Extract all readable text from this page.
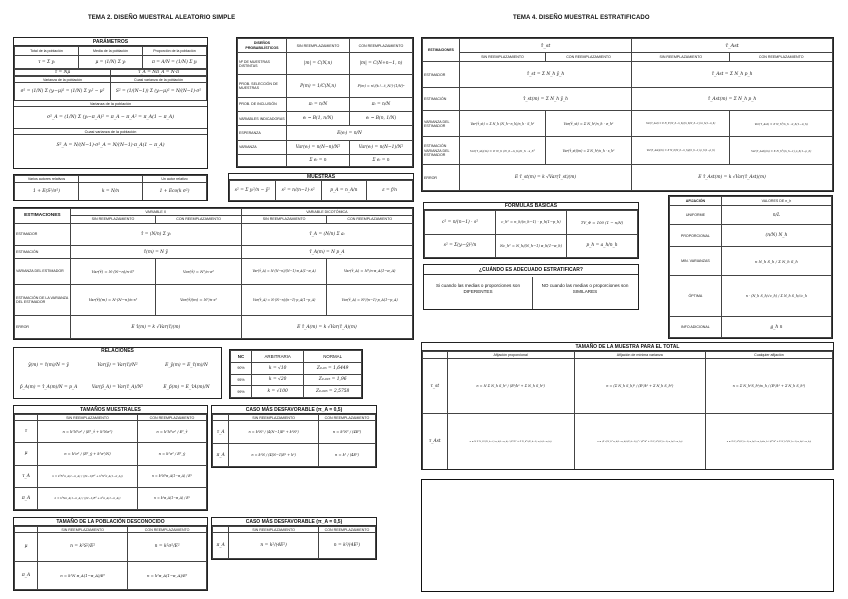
TEMA 2. DISEÑO MUESTRAL ALEATORIO SIMPLE	TEMA 4. DISEÑO MUESTRAL ESTRATIFICADO
PARÁMETROS
Total de la población	Media de la población	Proporción de la población
τ = Σ yᵢ	μ = (1/N) Σ yᵢ	π = A/N = (1/N) Σ yᵢ
τ = Nμ	τ_A = Nπ_A = N·π
Varianza de la población	Cuasi varianza de la población
σ² = (1/N) Σ (yᵢ−μ)² = (1/N) Σ yᵢ² − μ²	S² = (1/(N−1)) Σ (yᵢ−μ)² = N/(N−1)·σ²
Varianza de la población
σ²_A = (1/N) Σ (yᵢ−π_A)² = π_A − π_A² = π_A(1 − π_A)
Cuasi varianza de la población
S²_A = N/(N−1)·σ²_A = N/(N−1)·π_A(1 − π_A)
Varios autores relativos		Un autor relativo
1 + E(S²/σ²)	k = N/n	1 + Eco(k σ²)
DISEÑOS PROBABILÍSTICOS	SIN REEMPLAZAMIENTO	CON REEMPLAZAMIENTO
Nº DE MUESTRAS DISTINTAS	|m| = C(N,n)	|m| = C(N+n−1, n)
PROB. SELECCIÓN DE MUESTRAS	P(m) = 1/C(N,n)	P(m) = n!/(t₁!…t_N!)·(1/N)ⁿ
PROB. DE INCLUSIÓN	πᵢ = n/N	πᵢ = n/N
VARIABLES INDICADORAS	eᵢ ~ B(1, n/N)	eᵢ ~ B(n, 1/N)
ESPERANZA	E(eᵢ) = n/N	
VARIANZA	Var(eᵢ) = n(N−n)/N²	Var(eᵢ) = n(N−1)/N²
	Σ eᵢ = n	Σ eᵢ = n
MUESTRAS
s² = Σ yᵢ²/n − ȳ²	s² = n/(n−1)·s²	p_A = n_A/n	ε = f/n
ESTIMACIONES	VARIABLE X		VARIABLE DICOTÓMICA	
	SIN REEMPLAZAMIENTO	CON REEMPLAZAMIENTO	SIN REEMPLAZAMIENTO	CON REEMPLAZAMIENTO
ESTIMADOR	τ̂ = (N/n) Σ yᵢ		τ̂_A = (N/n) Σ aᵢ	
ESTIMACIÓN	τ̂(m) = N ȳ		τ̂_A(m) = N p_A	
VARIANZA DEL ESTIMADOR	Var(τ̂) = N·(N−n)/n·S²	Var(τ̂) = N²/n·σ²	Var(τ̂_A) = N·(N−n)/(N−1)·π_A(1−π_A)	Var(τ̂_A) = N²/n·π_A(1−π_A)
ESTIMACIÓN DE LA VARIANZA DEL ESTIMADOR	Var(τ̂)(m) = N·(N−n)/n·s²	Var(τ̂)(m) = N²/n·s²	Var(τ̂_A) = N·(N−n)/(n−1)·p_A(1−p_A)	Var(τ̂_A) = N²/(n−1)·p_A(1−p_A)
ERROR	E τ̂(m) = k √Var(τ̂)(m)		E τ̂_A(m) = k √Var(τ̂_A)(m)	
RELACIONES
ȳ(m) = τ̂(m)/N = ȳ	Var(ŷ) = Var(τ̂)/N²	E_ŷ(m) = E_τ̂(m)/N
p̂_A(m) = τ̂_A(m)/N = p_A	Var(p̂_A) = Var(τ̂_A)/N²	E_p̂(m) = E_τ̂A(m)/N
NC	ARBITRARIA	NORMAL
90%	k = √10	Z₀.₀₅ = 1,6449
95%	k = √20	Z₀.₀₂₅ = 1,96
99%	k = √100	Z₀.₀₀₅ = 2,5758
TAMAÑOS MUESTRALES
	SIN REEMPLAZAMIENTO	CON REEMPLAZAMIENTO
τ	n = k²N²σ² / (E²_τ̂ + k²Nσ²)	n = k²N²σ² / E²_τ̂
μ	n = k²σ² / (E²_ŷ + k²σ²/N)	n = k²σ² / E²_ŷ
τ_A	n = k²N³π_A(1−π_A) / ((N−1)E² + k²N²π_A(1−π_A))	n = k²N²π_A(1−π_A) / E²
π_A	n = k²Nπ_A(1−π_A) / ((N−1)E² + k²π_A(1−π_A))	n = k²π_A(1−π_A) / E²
CASO MÁS DESFAVORABLE (π_A = 0,5)
	SIN REEMPLAZAMIENTO	CON REEMPLAZAMIENTO
τ_A	n = k²N³ / (4(N−1)E² + k²N²)	n = k²N² / (4E²)
π_A	n = k²N / (4(N−1)E² + k²)	n = k² / (4E²)
TAMAÑO DE LA POBLACIÓN DESCONOCIDO
	SIN REEMPLAZAMIENTO	CON REEMPLAZAMIENTO
μ	n = k²S²/E²	n = k²σ²/E²
π_A	n = k²N π_A(1−π_A)/E²	n = k²π_A(1−π_A)/E²
CASO MÁS DESFAVORABLE (π_A = 0,5)
	SIN REEMPLAZAMIENTO	CON REEMPLAZAMIENTO
π_A	n = k²/(4E²)	n = k²/(4E²)
ESTIMACIONES	τ̂_st		τ̂_Ast	
	SIN REEMPLAZAMIENTO	CON REEMPLAZAMIENTO	SIN REEMPLAZAMIENTO	CON REEMPLAZAMIENTO
ESTIMADOR	τ̂_st = Σ N_h ȳ_h		τ̂_Ast = Σ N_h p_h	
ESTIMACIÓN	τ̂_st(m) = Σ N_h ȳ_h		τ̂_Ast(m) = Σ N_h p_h	
VARIANZA DEL ESTIMADOR	Var(τ̂_st) = Σ N_h (N_h−n_h)/n_h · S_h²	Var(τ̂_st) = Σ N_h²/n_h · σ_h²	Var(τ̂_Ast) = Σ N_h²(N_h−n_h)/(n_h(N_h−1)) π_h(1−π_h)	Var(τ̂_Ast) = Σ N_h²/n_h · π_h(1−π_h)
ESTIMACIÓN VARIANZA DEL ESTIMADOR	Var(τ̂_st)(m) = Σ N_h (N_h−n_h)/n_h · s_h²	Var(τ̂_st)(m) = Σ N_h²/n_h · s_h²	Var(τ̂_Ast)(m) = Σ N_h(N_h−n_h)/(n_h−1) p_h(1−p_h)	Var(τ̂_Ast)(m) = Σ N_h²/(n_h−1) p_h(1−p_h)
ERROR	E τ̂_st(m) = k √Var(τ̂_st)(m)		E τ̂_Ast(m) = k √Var(τ̂_Ast)(m)	
FÓRMULAS BÁSICAS
c² = n/(n−1) · s²	c_h² = n_h/(n_h−1) · p_h(1−p_h)	TV_Φ = 100 (1 − n/N)
s² = Σ(yᵢ−ȳ)²/n	Nc_h² = N_h/(N_h−1) π_h(1−π_h)	p_h = a_h/n_h
¿CUÁNDO ES ADECUADO ESTRATIFICAR?
Si cuando las medias o proporciones son DIFERENTES
NO cuando las medias o proporciones son SIMILARES
AFIJACIÓN	VALORES DE n_h
UNIFORME	n/L
PROPORCIONAL	(n/N) N_h
MIN. VARIANZAS	n N_h S_h / Σ N_h S_h
ÓPTIMA	n · (N_h S_h/√c_h) / Σ N_h S_h/√c_h
INFO ADICIONAL	g_h n
TAMAÑO DE LA MUESTRA PARA EL TOTAL
	Afijación proporcional	Afijación de mínima varianza	Cualquier afijación
τ_st	n = N Σ N_h S_h² / (E²/k² + Σ N_h S_h²)	n = (Σ N_h S_h)² / (E²/k² + Σ N_h S_h²)	n = Σ N_h²S_h²/w_h / (E²/k² + Σ N_h S_h²)
τ_Ast	n = N Σ N_h²/(N_h−1) π_h(1−π_h) / (E²/k² + Σ N_h²/(N_h−1) π_h(1−π_h))	n = (Σ √(N_h³ π_h(1−π_h)/(N_h−1)))² / (E²/k² + Σ N_h²/(N_h−1) π_h(1−π_h))	n = Σ N_h³/(N_h−1) π_h(1−π_h)/w_h / (E²/k² + Σ N_h²/(N_h−1) π_h(1−π_h))
